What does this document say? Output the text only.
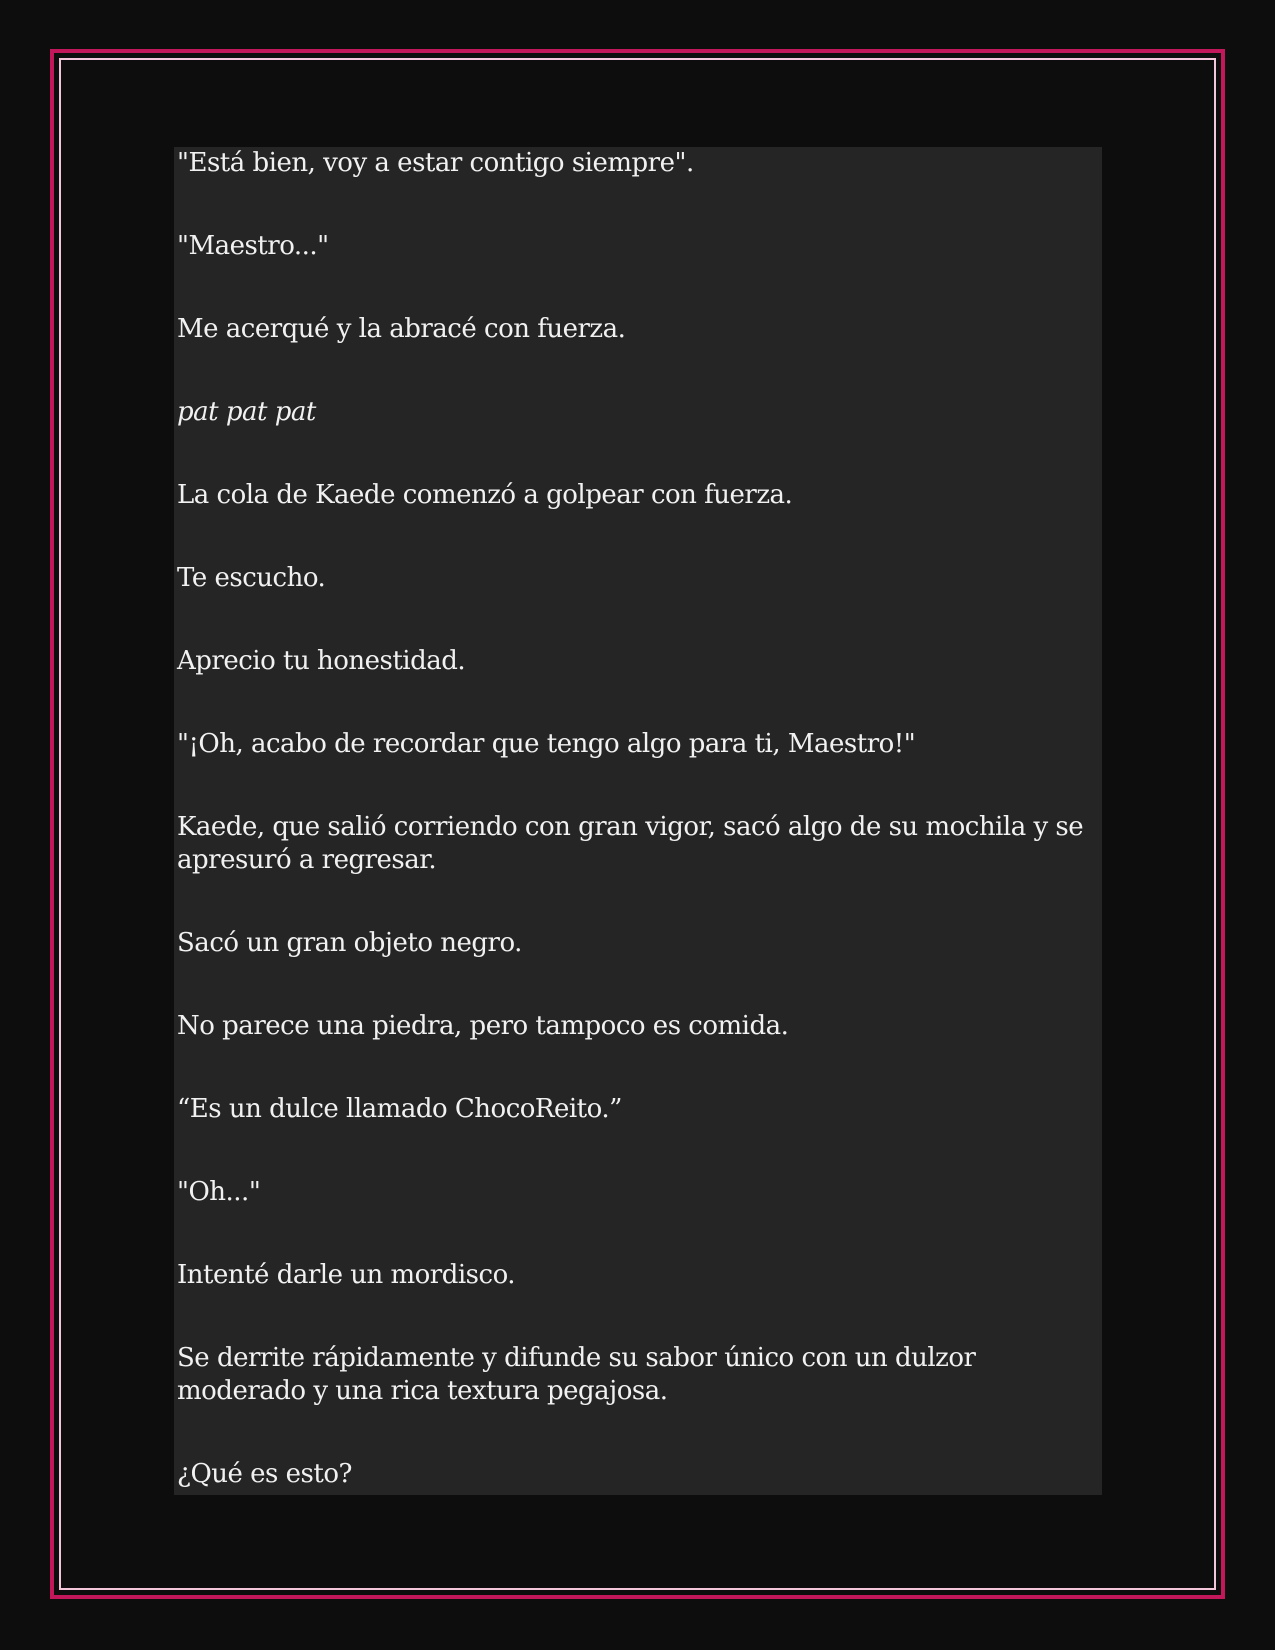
"Está bien, voy a estar contigo siempre".

"Maestro..."

Me acerqué y la abracé con fuerza.

pat pat pat

La cola de Kaede comenzó a golpear con fuerza.

Te escucho.

Aprecio tu honestidad.

"¡Oh, acabo de recordar que tengo algo para ti, Maestro!"

Kaede, que salió corriendo con gran vigor, sacó algo de su mochila y se apresuró a regresar.

Sacó un gran objeto negro.

No parece una piedra, pero tampoco es comida.

“Es un dulce llamado ChocoReito.”

"Oh..."

Intenté darle un mordisco.

Se derrite rápidamente y difunde su sabor único con un dulzor moderado y una rica textura pegajosa.

¿Qué es esto?
